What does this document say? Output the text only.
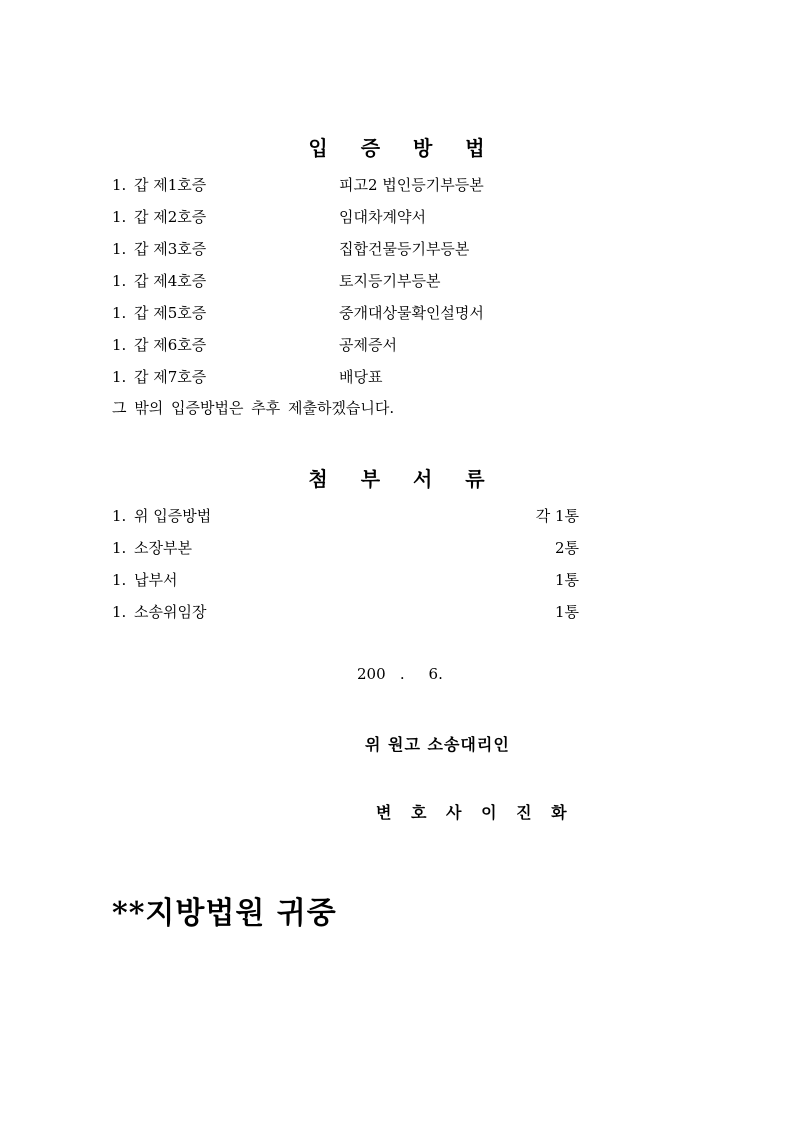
입 증 방 법
1. 갑 제1호증	피고2 법인등기부등본
1. 갑 제2호증	임대차계약서
1. 갑 제3호증	집합건물등기부등본
1. 갑 제4호증	토지등기부등본
1. 갑 제5호증	중개대상물확인설명서
1. 갑 제6호증	공제증서
1. 갑 제7호증	배당표
그 밖의 입증방법은 추후 제출하겠습니다.
첨 부 서 류
1. 위 입증방법	각 1통
1. 소장부본	2통
1. 납부서	1통
1. 소송위임장	1통
200   .     6.
위 원고 소송대리인
변 호 사 이 진 화
**지방법원 귀중
